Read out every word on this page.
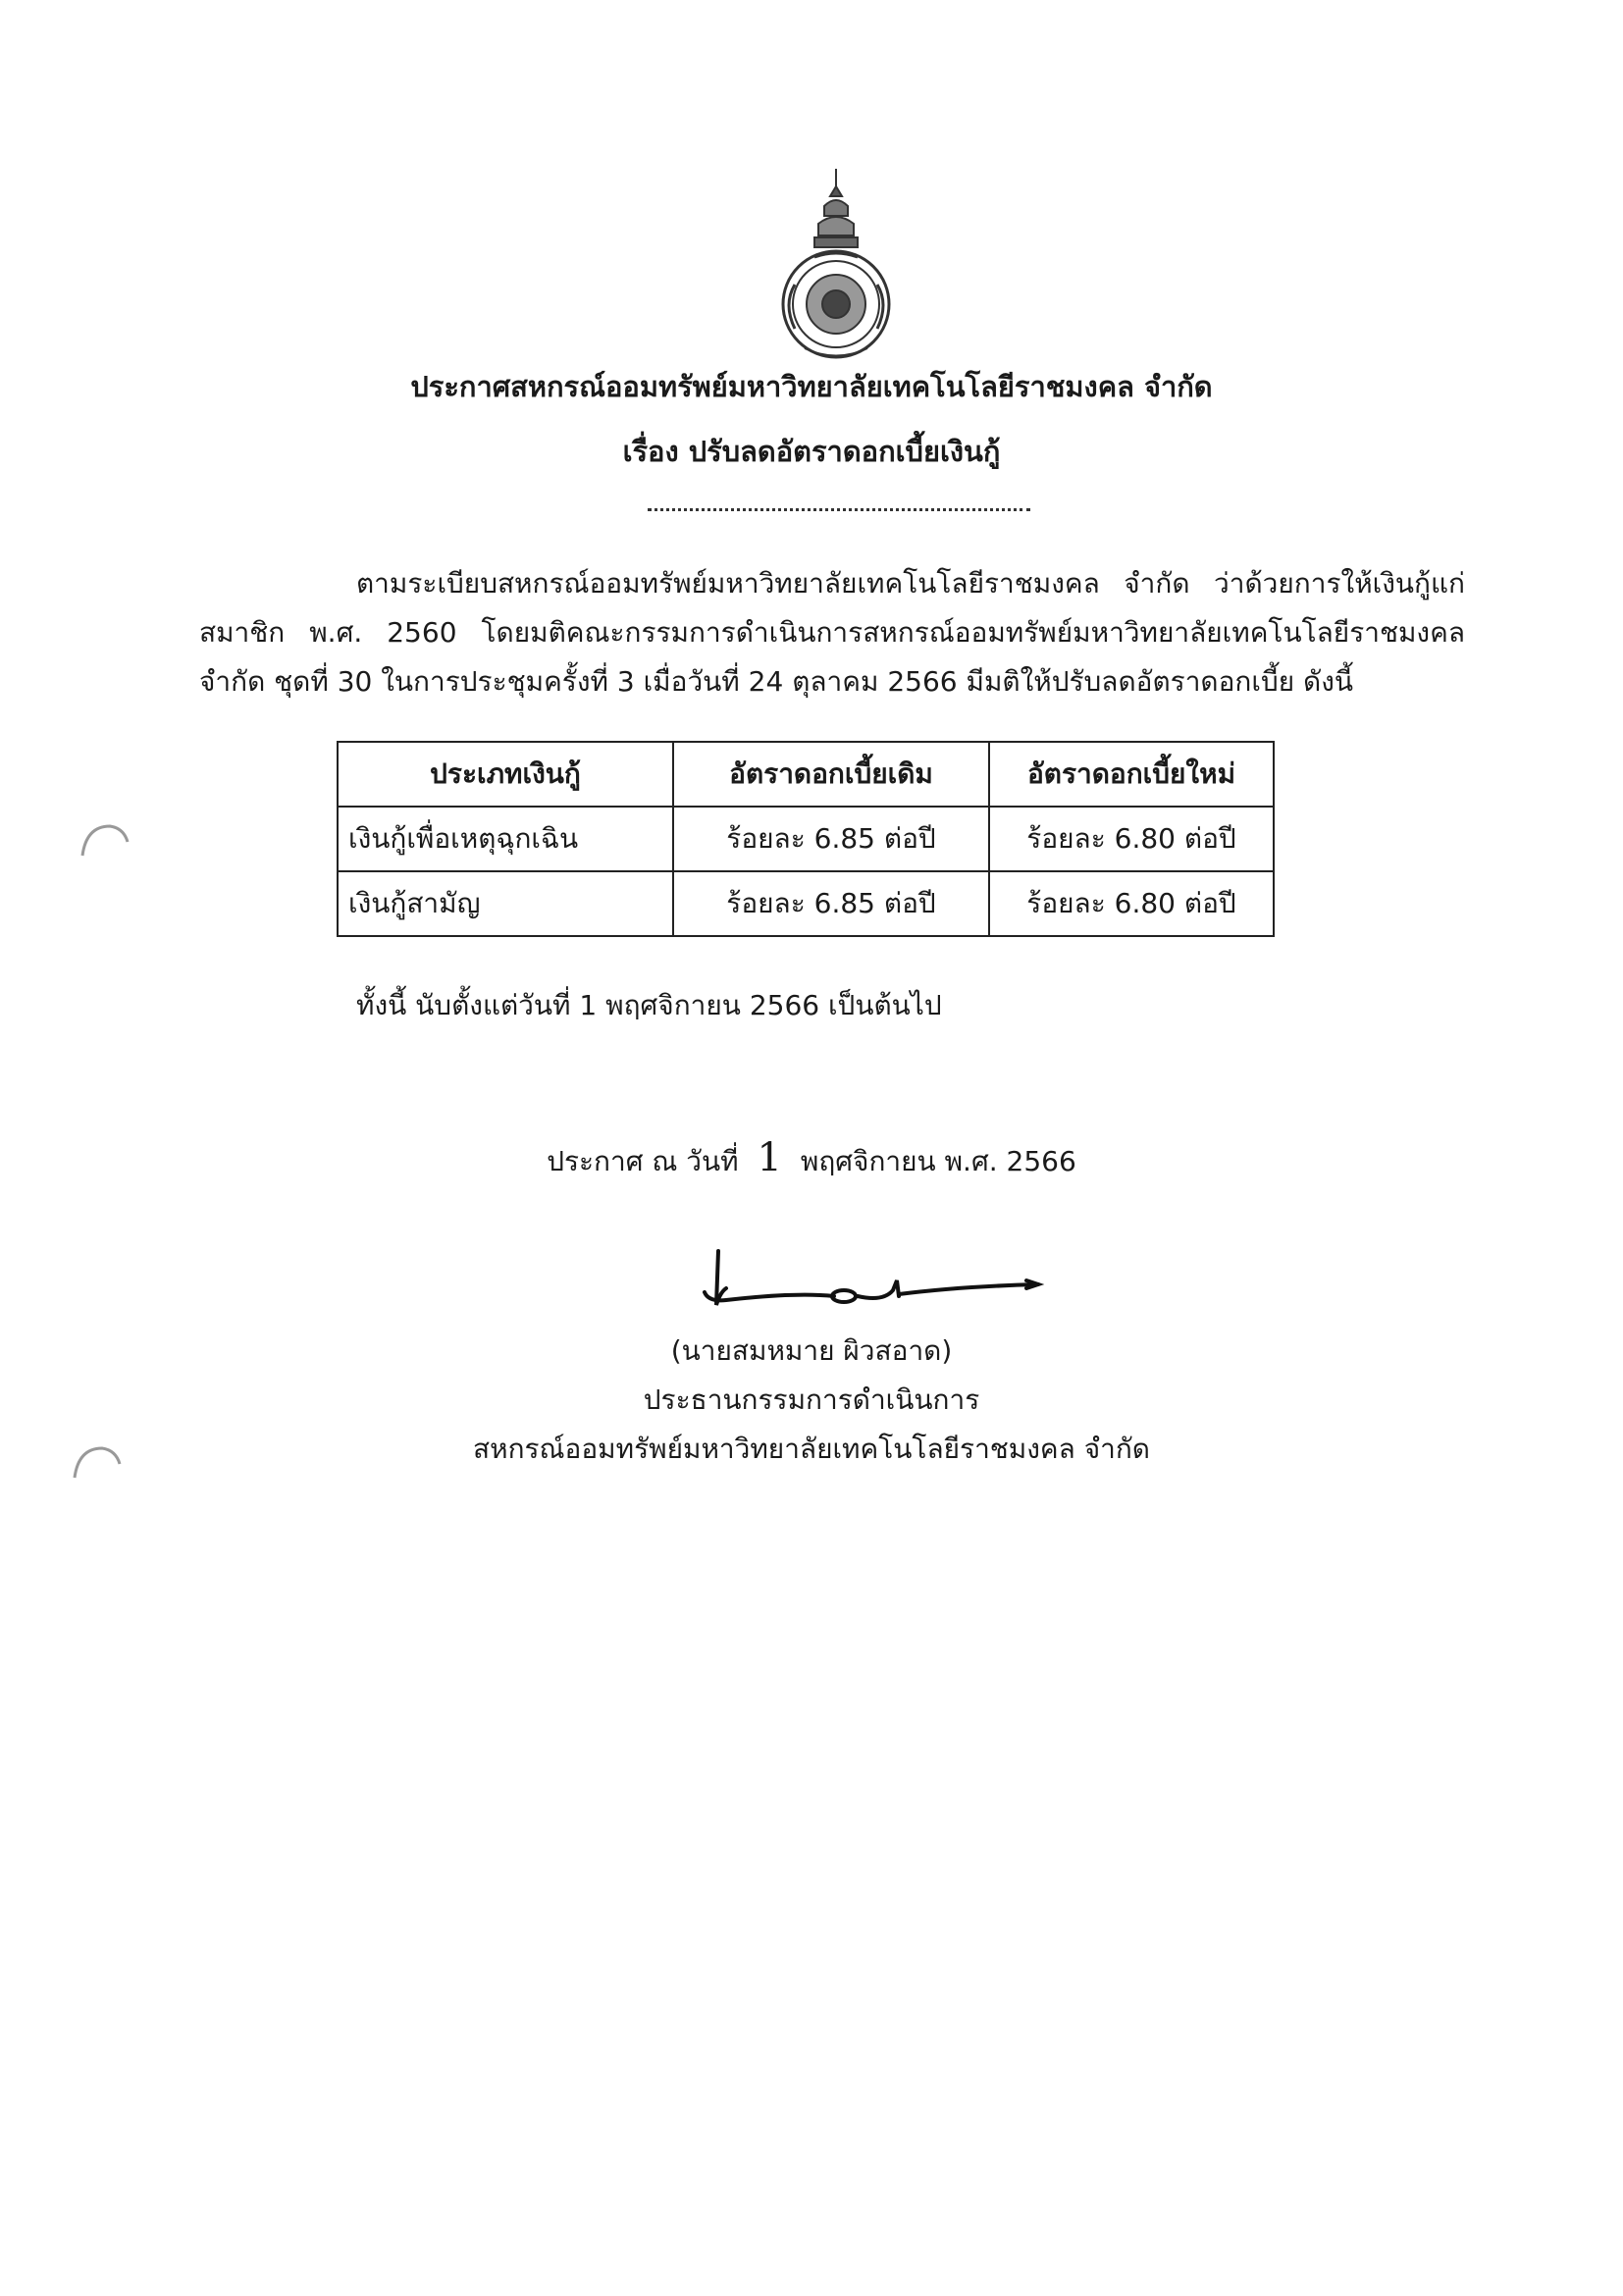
ประกาศสหกรณ์ออมทรัพย์มหาวิทยาลัยเทคโนโลยีราชมงคล จำกัด
เรื่อง ปรับลดอัตราดอกเบี้ยเงินกู้
ตามระเบียบสหกรณ์ออมทรัพย์มหาวิทยาลัยเทคโนโลยีราชมงคล จำกัด ว่าด้วยการให้เงินกู้แก่สมาชิก พ.ศ. 2560 โดยมติคณะกรรมการดำเนินการสหกรณ์ออมทรัพย์มหาวิทยาลัยเทคโนโลยีราชมงคล จำกัด ชุดที่ 30 ในการประชุมครั้งที่ 3 เมื่อวันที่ 24 ตุลาคม 2566 มีมติให้ปรับลดอัตราดอกเบี้ย ดังนี้
ประเภทเงินกู้	อัตราดอกเบี้ยเดิม	อัตราดอกเบี้ยใหม่
เงินกู้เพื่อเหตุฉุกเฉิน	ร้อยละ 6.85 ต่อปี	ร้อยละ 6.80 ต่อปี
เงินกู้สามัญ	ร้อยละ 6.85 ต่อปี	ร้อยละ 6.80 ต่อปี
ทั้งนี้ นับตั้งแต่วันที่ 1 พฤศจิกายน 2566 เป็นต้นไป
ประกาศ ณ วันที่ 1 พฤศจิกายน พ.ศ. 2566
(นายสมหมาย ผิวสอาด)
ประธานกรรมการดำเนินการ
สหกรณ์ออมทรัพย์มหาวิทยาลัยเทคโนโลยีราชมงคล จำกัด
